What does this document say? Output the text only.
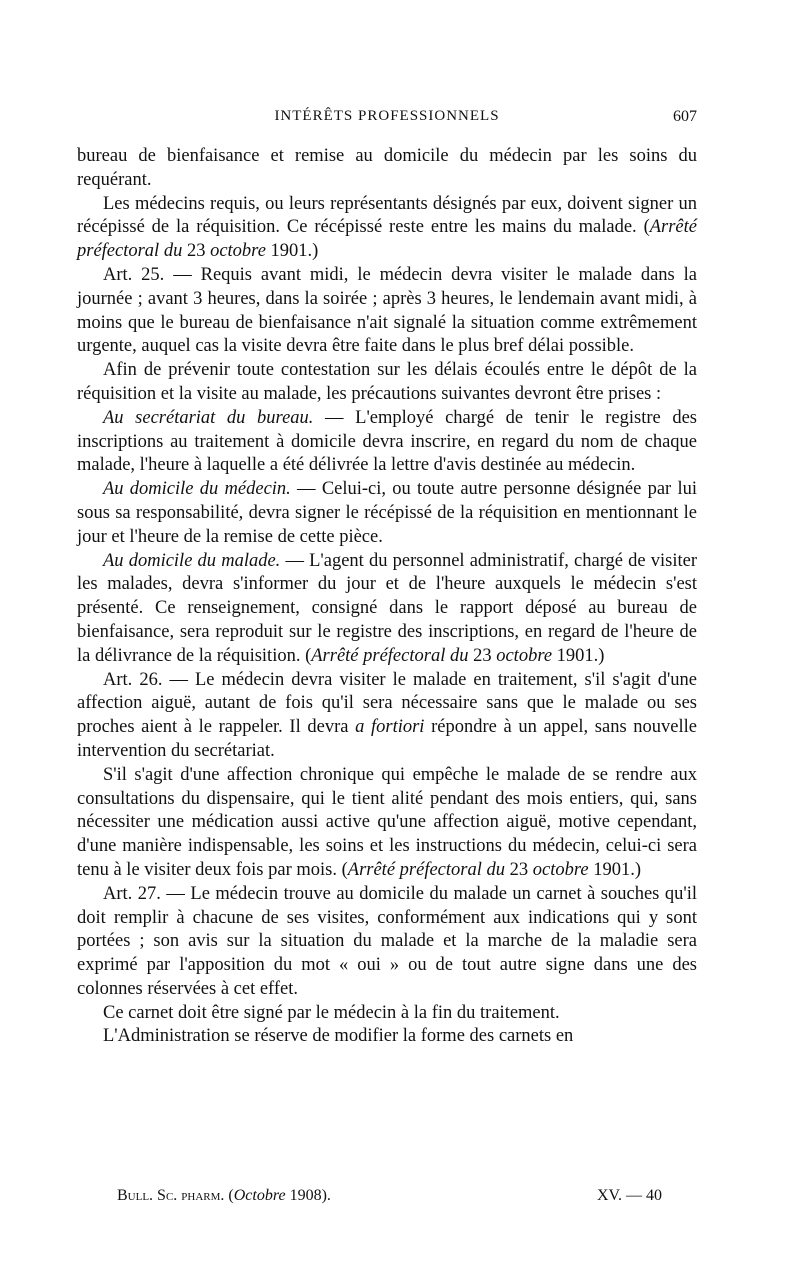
INTÉRÊTS PROFESSIONNELS	607

bureau de bienfaisance et remise au domicile du médecin par les soins du requérant.

Les médecins requis, ou leurs représentants désignés par eux, doivent signer un récépissé de la réquisition. Ce récépissé reste entre les mains du malade. (Arrêté préfectoral du 23 octobre 1901.)

Art. 25. — Requis avant midi, le médecin devra visiter le malade dans la journée ; avant 3 heures, dans la soirée ; après 3 heures, le lendemain avant midi, à moins que le bureau de bienfaisance n'ait signalé la situation comme extrêmement urgente, auquel cas la visite devra être faite dans le plus bref délai possible.

Afin de prévenir toute contestation sur les délais écoulés entre le dépôt de la réquisition et la visite au malade, les précautions suivantes devront être prises :

Au secrétariat du bureau. — L'employé chargé de tenir le registre des inscriptions au traitement à domicile devra inscrire, en regard du nom de chaque malade, l'heure à laquelle a été délivrée la lettre d'avis destinée au médecin.

Au domicile du médecin. — Celui-ci, ou toute autre personne désignée par lui sous sa responsabilité, devra signer le récépissé de la réquisition en mentionnant le jour et l'heure de la remise de cette pièce.

Au domicile du malade. — L'agent du personnel administratif, chargé de visiter les malades, devra s'informer du jour et de l'heure auxquels le médecin s'est présenté. Ce renseignement, consigné dans le rapport déposé au bureau de bienfaisance, sera reproduit sur le registre des inscriptions, en regard de l'heure de la délivrance de la réquisition. (Arrêté préfectoral du 23 octobre 1901.)

Art. 26. — Le médecin devra visiter le malade en traitement, s'il s'agit d'une affection aiguë, autant de fois qu'il sera nécessaire sans que le malade ou ses proches aient à le rappeler. Il devra a fortiori répondre à un appel, sans nouvelle intervention du secrétariat.

S'il s'agit d'une affection chronique qui empêche le malade de se rendre aux consultations du dispensaire, qui le tient alité pendant des mois entiers, qui, sans nécessiter une médication aussi active qu'une affection aiguë, motive cependant, d'une manière indispensable, les soins et les instructions du médecin, celui-ci sera tenu à le visiter deux fois par mois. (Arrêté préfectoral du 23 octobre 1901.)

Art. 27. — Le médecin trouve au domicile du malade un carnet à souches qu'il doit remplir à chacune de ses visites, conformément aux indications qui y sont portées ; son avis sur la situation du malade et la marche de la maladie sera exprimé par l'apposition du mot « oui » ou de tout autre signe dans une des colonnes réservées à cet effet.

Ce carnet doit être signé par le médecin à la fin du traitement.

L'Administration se réserve de modifier la forme des carnets en

Bull. Sc. pharm. (Octobre 1908).	XV. — 40
